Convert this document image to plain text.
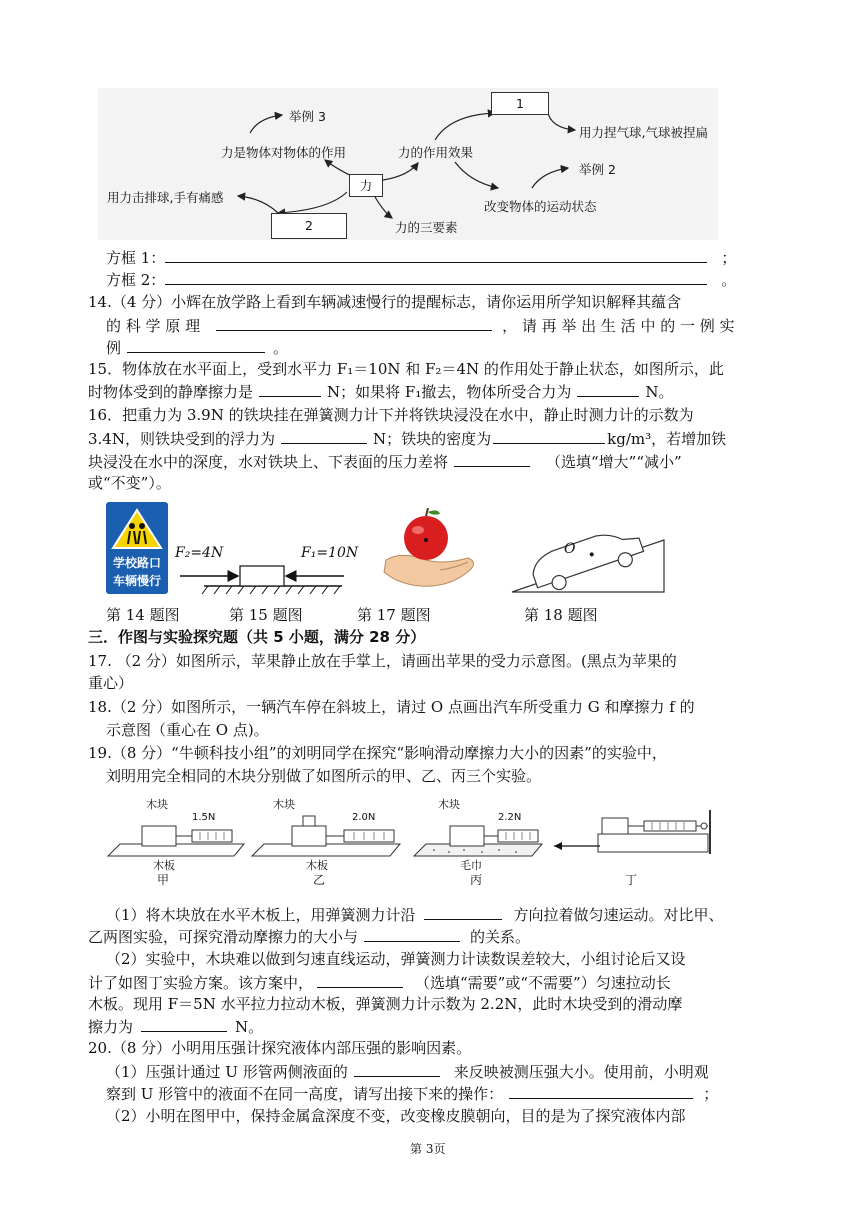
举例 3
力是物体对物体的作用	力的作用效果
1
用力捏气球,气球被捏扁
举例 2
力
用力击排球,手有痛感
改变物体的运动状态
2	力的三要素
方框 1：	；
方框 2：	。
14.（4 分）小辉在放学路上看到车辆减速慢行的提醒标志，请你运用所学知识解释其蕴含
的 科 学 原 理	， 请 再 举 出 生 活 中 的 一 例 实
例	。
15．物体放在水平面上，受到水平力 F₁＝10N 和 F₂＝4N 的作用处于静止状态，如图所示，此
时物体受到的静摩擦力是	N；如果将 F₁撤去，物体所受合力为	N。
16．把重力为 3.9N 的铁块挂在弹簧测力计下并将铁块浸没在水中，静止时测力计的示数为
3.4N，则铁块受到的浮力为	N；铁块的密度为	kg/m³，若增加铁
块浸没在水中的深度，水对铁块上、下表面的压力差将	（选填“增大”“减小”
或“不变”）。
学校路口
车辆慢行
F₂=4N	F₁=10N	O
第 14 题图	第 15 题图	第 17 题图	第 18 题图
三．作图与实验探究题（共 5 小题，满分 28 分）
17. （2 分）如图所示，苹果静止放在手掌上，请画出苹果的受力示意图。(黑点为苹果的
重心）
18.（2 分）如图所示，一辆汽车停在斜坡上，请过 O 点画出汽车所受重力 G 和摩擦力 f 的
示意图（重心在 O 点)。
19.（8 分）“牛顿科技小组”的刘明同学在探究“影响滑动摩擦力大小的因素”的实验中，
刘明用完全相同的木块分别做了如图所示的甲、乙、丙三个实验。
木块
1.5N
木块
2.0N
木块
2.2N
木板	木板	毛巾
甲	乙	丙	丁
（1）将木块放在水平木板上，用弹簧测力计沿	方向拉着做匀速运动。对比甲、
乙两图实验，可探究滑动摩擦力的大小与	的关系。
（2）实验中，木块难以做到匀速直线运动，弹簧测力计读数误差较大，小组讨论后又设
计了如图丁实验方案。该方案中，	（选填“需要”或“不需要”）匀速拉动长
木板。现用 F＝5N 水平拉力拉动木板，弹簧测力计示数为 2.2N，此时木块受到的滑动摩
擦力为	N。
20.（8 分）小明用压强计探究液体内部压强的影响因素。
（1）压强计通过 U 形管两侧液面的	来反映被测压强大小。使用前，小明观
察到 U 形管中的液面不在同一高度，请写出接下来的操作：	；
（2）小明在图甲中，保持金属盒深度不变，改变橡皮膜朝向，目的是为了探究液体内部
第 3页
